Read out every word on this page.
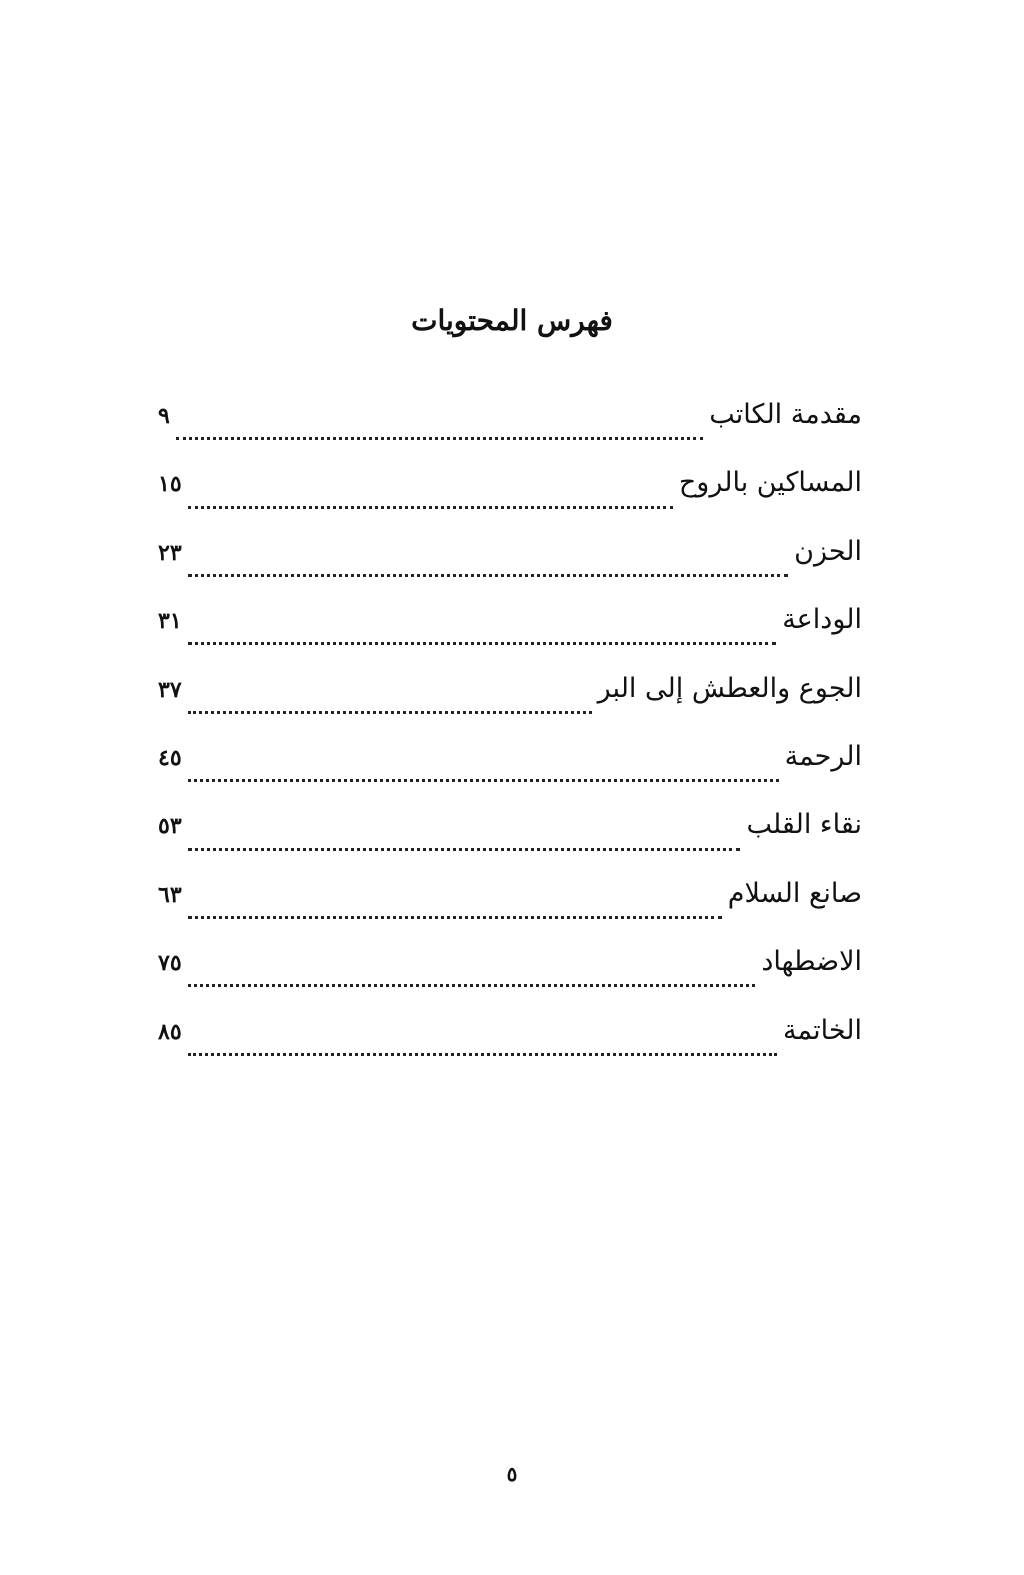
فهرس المحتويات
مقدمة الكاتب
٩
المساكين بالروح
١٥
الحزن
٢٣
الوداعة
٣١
الجوع والعطش إلى البر
٣٧
الرحمة
٤٥
نقاء القلب
٥٣
صانع السلام
٦٣
الاضطهاد
٧٥
الخاتمة
٨٥
٥
